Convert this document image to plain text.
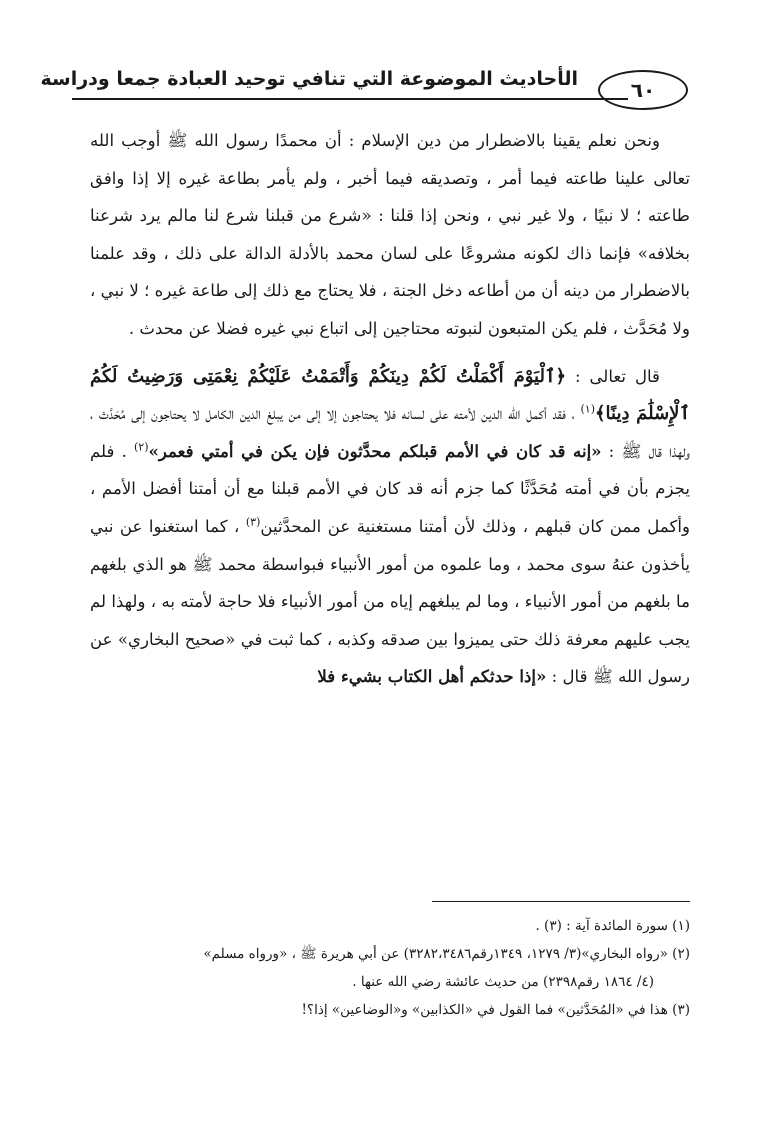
٦٠
الأحاديث الموضوعة التي تنافي توحيد العبادة جمعا ودراسة

ونحن نعلم يقينا بالاضطرار من دين الإسلام : أن محمدًا رسول الله ﷺ أوجب الله تعالى علينا طاعته فيما أمر ، وتصديقه فيما أخبر ، ولم يأمر بطاعة غيره إلا إذا وافق طاعته ؛ لا نبيًا ، ولا غير نبي ، ونحن إذا قلنا : «شرع من قبلنا شرع لنا مالم يرد شرعنا بخلافه» فإنما ذاك لكونه مشروعًا على لسان محمد بالأدلة الدالة على ذلك ، وقد علمنا بالاضطرار من دينه أن من أطاعه دخل الجنة ، فلا يحتاج مع ذلك إلى طاعة غيره ؛ لا نبي ، ولا مُحَدَّث ، فلم يكن المتبعون لنبوته محتاجين إلى اتباع نبي غيره فضلا عن محدث .

قال تعالى : ﴿ٱلْيَوْمَ أَكْمَلْتُ لَكُمْ دِينَكُمْ وَأَتْمَمْتُ عَلَيْكُمْ نِعْمَتِى وَرَضِيتُ لَكُمُ ٱلْإِسْلَٰمَ دِينًا﴾$^{(١)}$ ، فقد أكمل الله الدين لأمته على لسانه فلا يحتاجون إلا إلى من يبلغ الدين الكامل لا يحتاجون إلى مُحَدَّث ، ولهذا قال ﷺ : «إنه قد كان في الأمم قبلكم محدَّثون فإن يكن في أمتي فعمر»$^{(٢)}$ . فلم يجزم بأن في أمته مُحَدَّثًا كما جزم أنه قد كان في الأمم قبلنا مع أن أمتنا أفضل الأمم ، وأكمل ممن كان قبلهم ، وذلك لأن أمتنا مستغنية عن المحدَّثين$^{(٣)}$ ، كما استغنوا عن نبي يأخذون عنهُ سوى محمد ، وما علموه من أمور الأنبياء فبواسطة محمد ﷺ هو الذي بلغهم ما بلغهم من أمور الأنبياء ، وما لم يبلغهم إياه من أمور الأنبياء فلا حاجة لأمته به ، ولهذا لم يجب عليهم معرفة ذلك حتى يميزوا بين صدقه وكذبه ، كما ثبت في «صحيح البخاري» عن رسول الله ﷺ قال : «إذا حدثكم أهل الكتاب بشيء فلا

(١) سورة المائدة آية : (٣) .

(٢) «رواه البخاري»(٣/ ١٢٧٩، ١٣٤٩رقم٣٢٨٢،٣٤٨٦) عن أبي هريرة ﷺ ، «ورواه مسلم»

(٤/ ١٨٦٤ رقم٢٣٩٨) من حديث عائشة رضي الله عنها .

(٣) هذا في «المُحَدَّثين» فما القول في «الكذابين» و«الوضاعين» إذا؟!
